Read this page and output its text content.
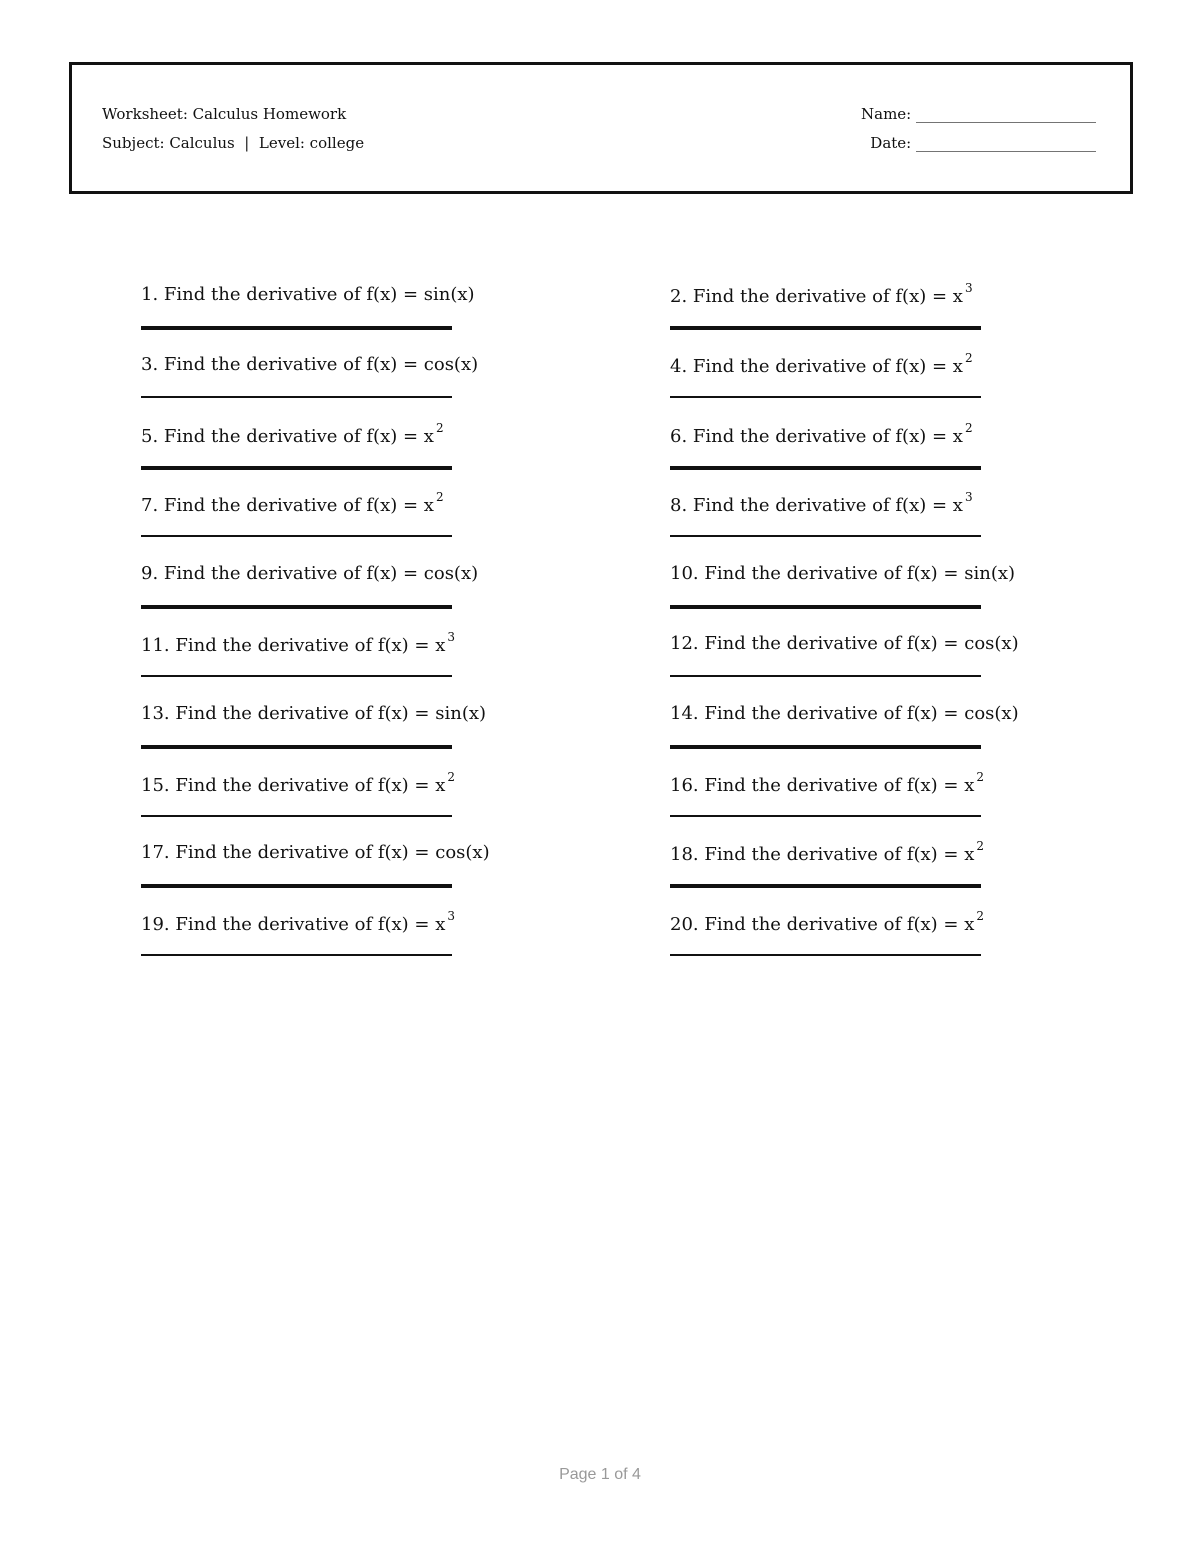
Worksheet: Calculus Homework
Subject: Calculus  |  Level: college
Name: ________________________
Date: ________________________
1. Find the derivative of f(x) = sin(x)	2. Find the derivative of f(x) = x $^3$
3. Find the derivative of f(x) = cos(x)	4. Find the derivative of f(x) = x $^2$
5. Find the derivative of f(x) = x $^2$	6. Find the derivative of f(x) = x $^2$
7. Find the derivative of f(x) = x $^2$	8. Find the derivative of f(x) = x $^3$
9. Find the derivative of f(x) = cos(x)	10. Find the derivative of f(x) = sin(x)
11. Find the derivative of f(x) = x $^3$	12. Find the derivative of f(x) = cos(x)
13. Find the derivative of f(x) = sin(x)	14. Find the derivative of f(x) = cos(x)
15. Find the derivative of f(x) = x $^2$	16. Find the derivative of f(x) = x $^2$
17. Find the derivative of f(x) = cos(x)	18. Find the derivative of f(x) = x $^2$
19. Find the derivative of f(x) = x $^3$	20. Find the derivative of f(x) = x $^2$
Page 1 of 4
